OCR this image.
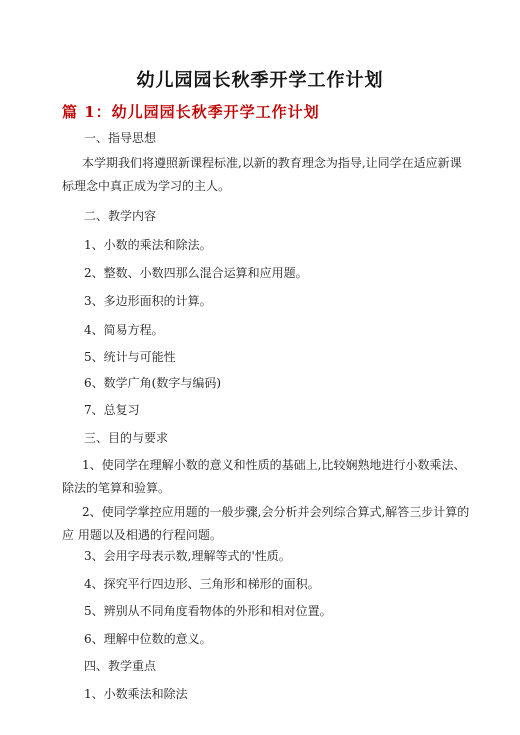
幼儿园园长秋季开学工作计划
篇 1：幼儿园园长秋季开学工作计划
一、指导思想
本学期我们将遵照新课程标准,以新的教育理念为指导,让同学在适应新课标理念中真正成为学习的主人。
二、教学内容
1、小数的乘法和除法。
2、整数、小数四那么混合运算和应用题。
3、多边形面积的计算。
4、简易方程。
5、统计与可能性
6、数学广角(数字与编码)
7、总复习
三、目的与要求
1、使同学在理解小数的意义和性质的基础上,比较娴熟地进行小数乘法、除法的笔算和验算。
2、使同学掌控应用题的一般步骤,会分析并会列综合算式,解答三步计算的应 用题以及相遇的行程问题。
3、会用字母表示数,理解等式的'性质。
4、探究平行四边形、三角形和梯形的面积。
5、辨别从不同角度看物体的外形和相对位置。
6、理解中位数的意义。
四、教学重点
1、小数乘法和除法
